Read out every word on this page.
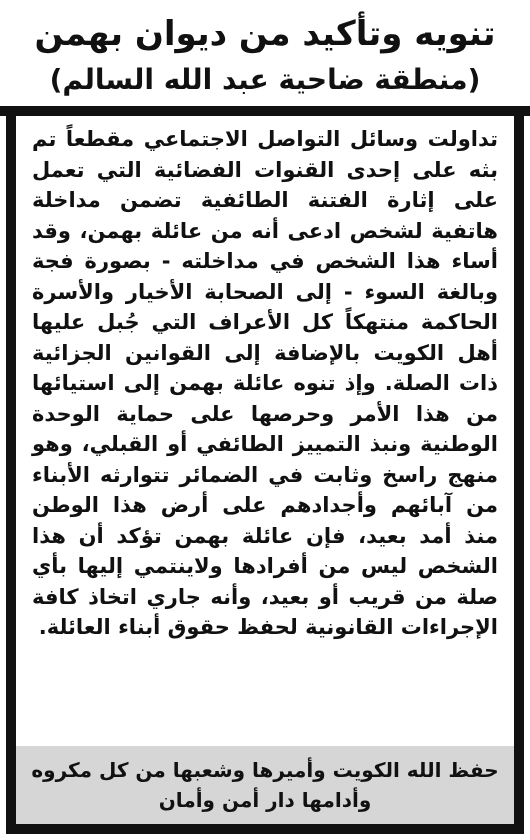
تنويه وتأكيد من ديوان بهمن
(منطقة ضاحية عبد الله السالم)

تداولت وسائل التواصل الاجتماعي مقطعاً تم بثه على إحدى القنوات الفضائية التي تعمل على إثارة الفتنة الطائفية تضمن مداخلة هاتفية لشخص ادعى أنه من عائلة بهمن، وقد أساء هذا الشخص في مداخلته - بصورة فجة وبالغة السوء - إلى الصحابة الأخيار والأسرة الحاكمة منتهكاً كل الأعراف التي جُبل عليها أهل الكويت بالإضافة إلى القوانين الجزائية ذات الصلة. وإذ تنوه عائلة بهمن إلى استيائها من هذا الأمر وحرصها على حماية الوحدة الوطنية ونبذ التمييز الطائفي أو القبلي، وهو منهج راسخ وثابت في الضمائر تتوارثه الأبناء من آبائهم وأجدادهم على أرض هذا الوطن منذ أمد بعيد، فإن عائلة بهمن تؤكد أن هذا الشخص ليس من أفرادها ولاينتمي إليها بأي صلة من قريب أو بعيد، وأنه جاري اتخاذ كافة الإجراءات القانونية لحفظ حقوق أبناء العائلة.

حفظ الله الكويت وأميرها وشعبها من كل مكروه
وأدامها دار أمن وأمان
